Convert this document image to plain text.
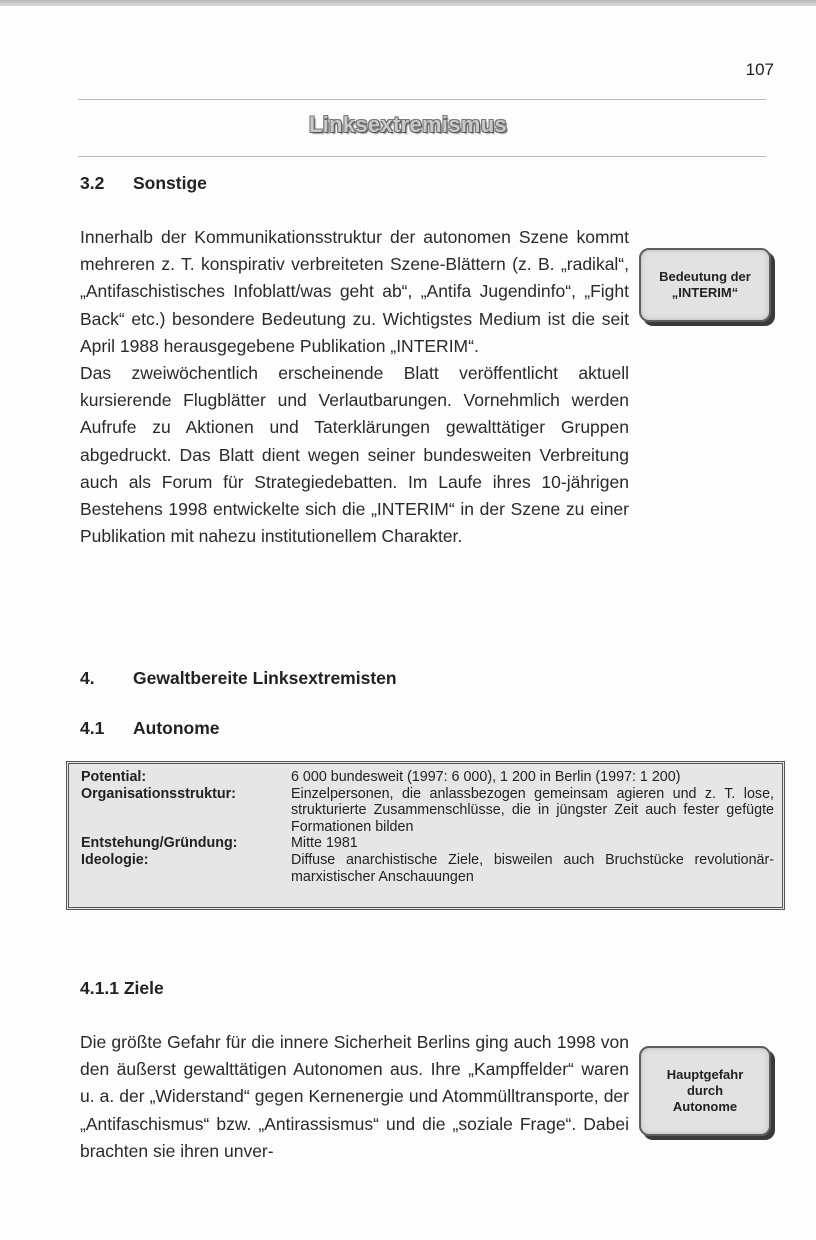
107
Linksextremismus
3.2 Sonstige

Innerhalb der Kommunikationsstruktur der autonomen Szene kommt mehreren z. T. konspirativ verbreiteten Szene-Blättern (z. B. „radikal“, „Antifaschistisches Infoblatt/was geht ab“, „Antifa Jugendinfo“, „Fight Back“ etc.) besondere Bedeutung zu. Wichtigstes Medium ist die seit April 1988 herausgegebene Publikation „INTERIM“.

Das zweiwöchentlich erscheinende Blatt veröffentlicht aktuell kursierende Flugblätter und Verlautbarungen. Vornehmlich werden Aufrufe zu Aktionen und Taterklärungen gewalttätiger Gruppen abgedruckt. Das Blatt dient wegen seiner bundesweiten Verbreitung auch als Forum für Strategiedebatten. Im Laufe ihres 10-jährigen Bestehens 1998 entwickelte sich die „INTERIM“ in der Szene zu einer Publikation mit nahezu institutionellem Charakter.

Bedeutung der
„INTERIM“
4. Gewaltbereite Linksextremisten
4.1 Autonome
Potential:	6 000 bundesweit (1997: 6 000), 1 200 in Berlin (1997: 1 200)
Organisationsstruktur:	Einzelpersonen, die anlassbezogen gemeinsam agieren und z. T. lose, strukturierte Zusammenschlüsse, die in jüngster Zeit auch fester gefügte Formationen bilden
Entstehung/Gründung:	Mitte 1981
Ideologie:	Diffuse anarchistische Ziele, bisweilen auch Bruchstücke revolutionär-marxistischer Anschauungen
4.1.1 Ziele

Die größte Gefahr für die innere Sicherheit Berlins ging auch 1998 von den äußerst gewalttätigen Autonomen aus. Ihre „Kampffelder“ waren u. a. der „Widerstand“ gegen Kernenergie und Atommülltransporte, der „Antifaschismus“ bzw. „Antirassismus“ und die „soziale Frage“. Dabei brachten sie ihren unver-

Hauptgefahr
durch
Autonome
